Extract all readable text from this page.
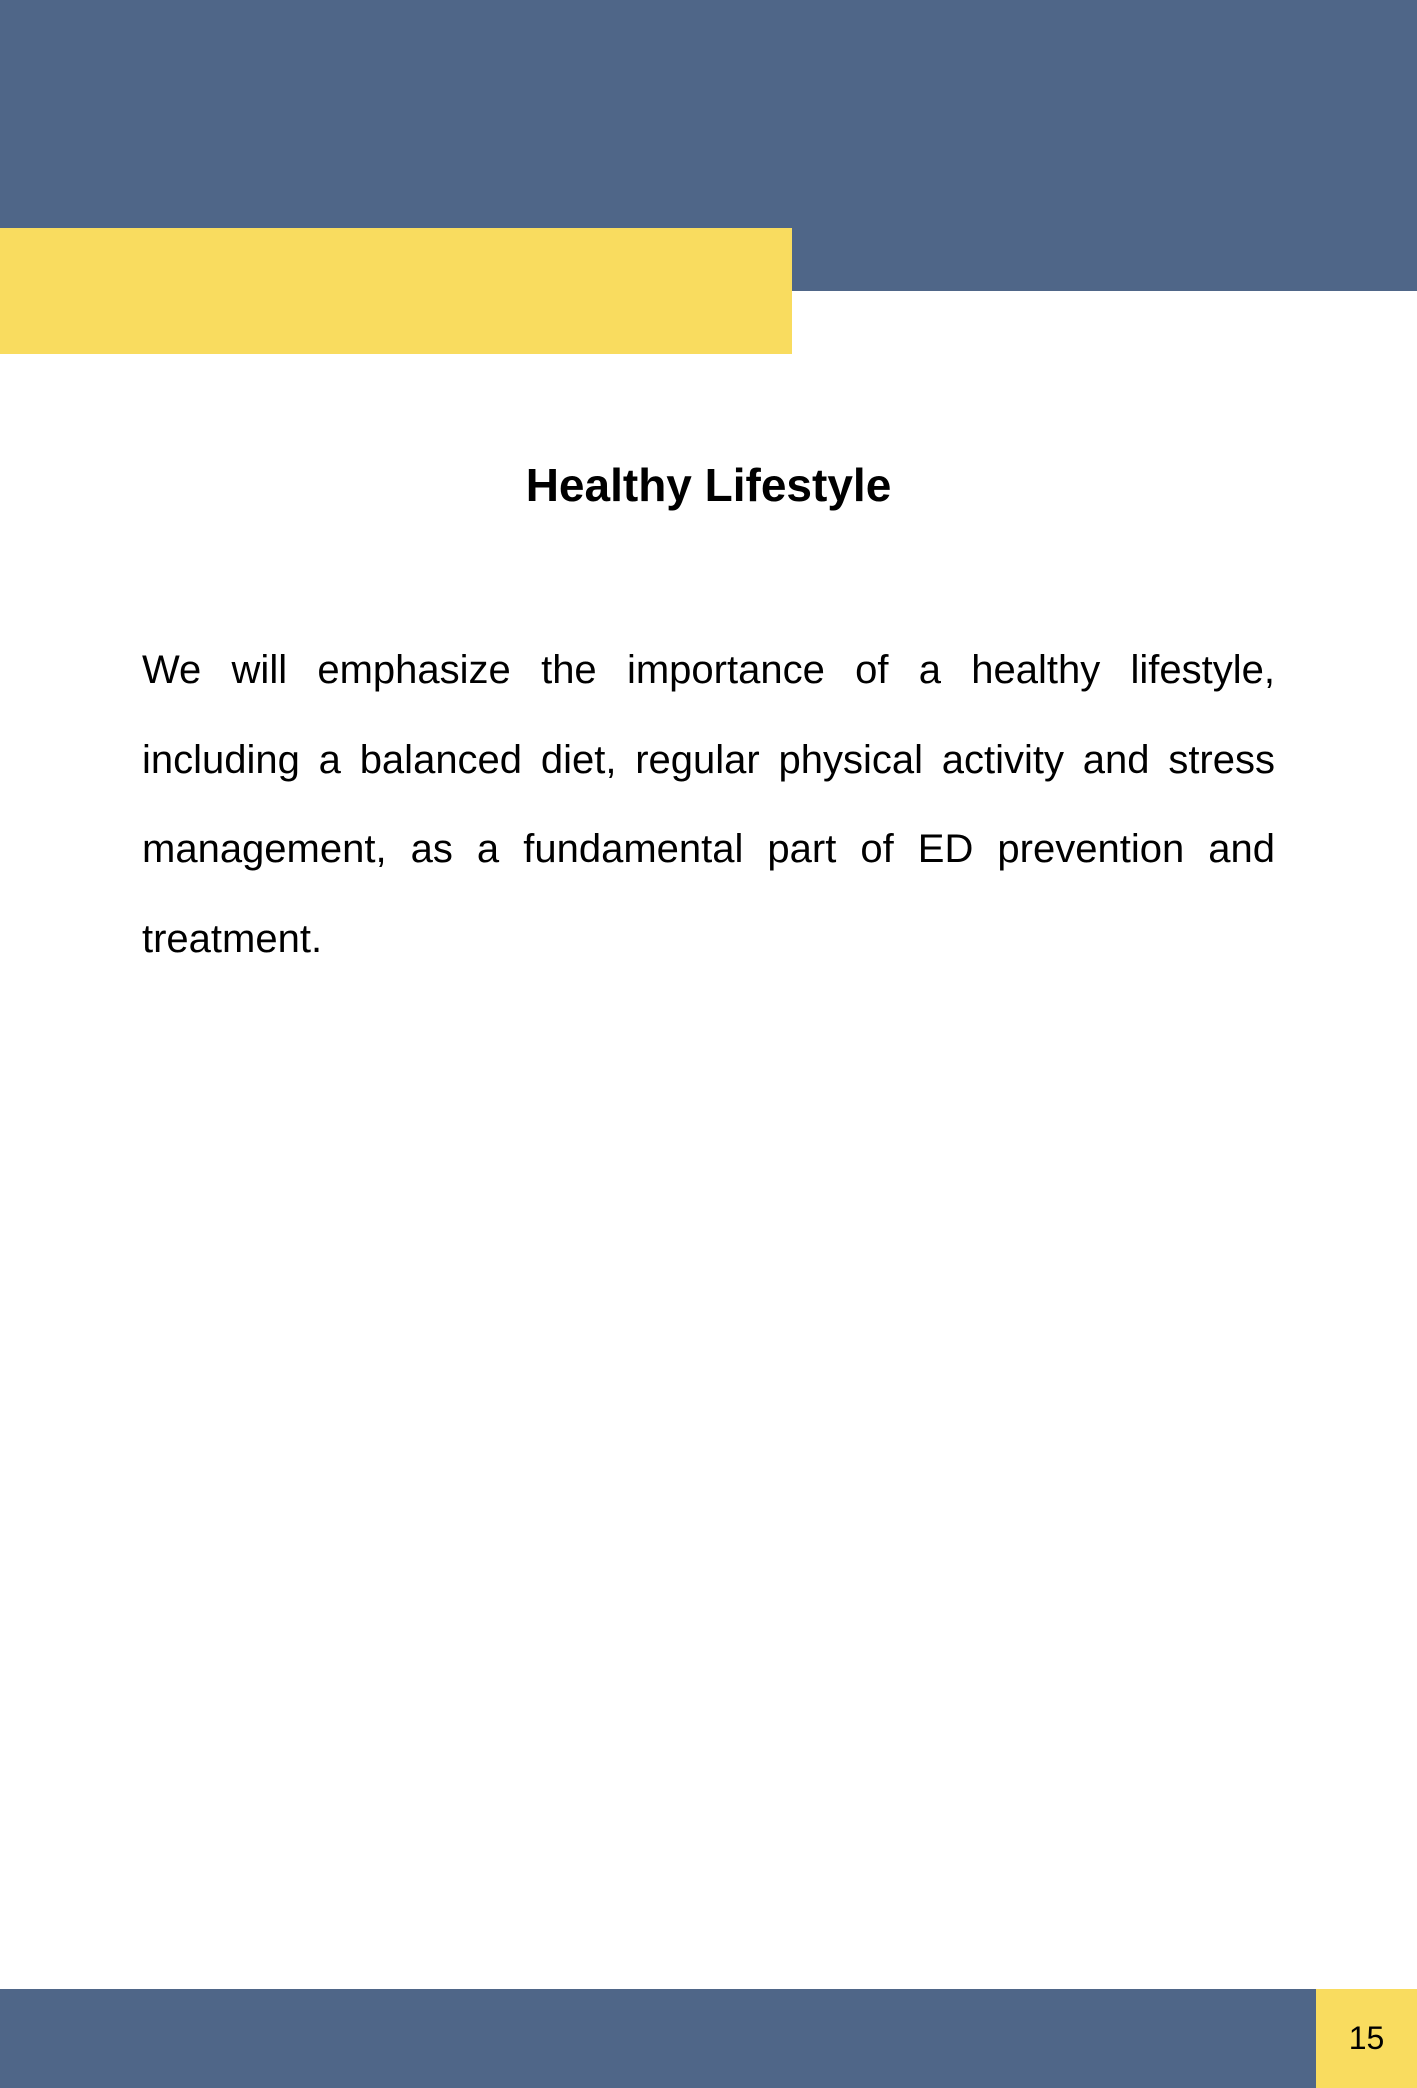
Healthy Lifestyle

We will emphasize the importance of a healthy lifestyle, including a balanced diet, regular physical activity and stress management, as a fundamental part of ED prevention and treatment.

15
